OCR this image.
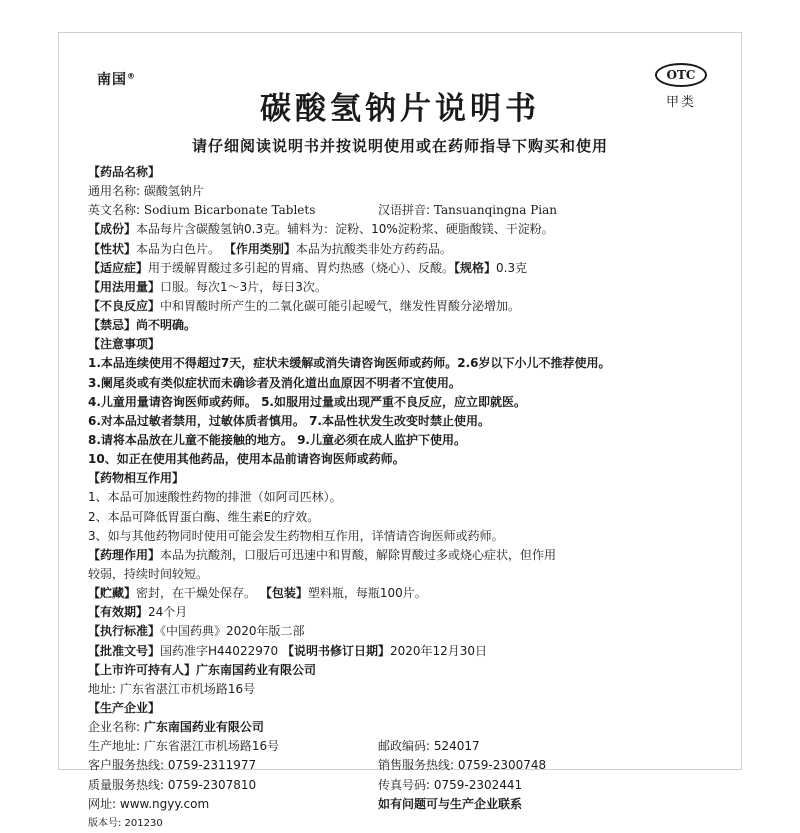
南国®	OTC
甲类
碳酸氢钠片说明书
请仔细阅读说明书并按说明使用或在药师指导下购买和使用
【药品名称】
通用名称: 碳酸氢钠片
英文名称: Sodium Bicarbonate Tablets	汉语拼音: Tansuanqingna Pian
【成份】本品每片含碳酸氢钠0.3克。辅料为：淀粉、10%淀粉浆、硬脂酸镁、干淀粉。
【性状】本品为白色片。 【作用类别】本品为抗酸类非处方药药品。
【适应症】用于缓解胃酸过多引起的胃痛、胃灼热感（烧心）、反酸。【规格】0.3克
【用法用量】口服。每次1～3片，每日3次。
【不良反应】中和胃酸时所产生的二氧化碳可能引起嗳气，继发性胃酸分泌增加。
【禁忌】尚不明确。
【注意事项】
1.本品连续使用不得超过7天，症状未缓解或消失请咨询医师或药师。2.6岁以下小儿不推荐使用。
3.阑尾炎或有类似症状而未确诊者及消化道出血原因不明者不宜使用。
4.儿童用量请咨询医师或药师。 5.如服用过量或出现严重不良反应，应立即就医。
6.对本品过敏者禁用，过敏体质者慎用。 7.本品性状发生改变时禁止使用。
8.请将本品放在儿童不能接触的地方。 9.儿童必须在成人监护下使用。
10、如正在使用其他药品，使用本品前请咨询医师或药师。
【药物相互作用】
1、本品可加速酸性药物的排泄（如阿司匹林）。
2、本品可降低胃蛋白酶、维生素E的疗效。
3、如与其他药物同时使用可能会发生药物相互作用，详情请咨询医师或药师。
【药理作用】本品为抗酸剂，口服后可迅速中和胃酸，解除胃酸过多或烧心症状，但作用
较弱，持续时间较短。
【贮藏】密封，在干燥处保存。 【包装】塑料瓶，每瓶100片。
【有效期】24个月
【执行标准】《中国药典》2020年版二部
【批准文号】国药准字H44022970 【说明书修订日期】2020年12月30日
【上市许可持有人】广东南国药业有限公司
地址: 广东省湛江市机场路16号
【生产企业】
企业名称: 广东南国药业有限公司
生产地址: 广东省湛江市机场路16号	邮政编码: 524017
客户服务热线: 0759-2311977	销售服务热线: 0759-2300748
质量服务热线: 0759-2307810	传真号码: 0759-2302441
网址: www.ngyy.com	如有问题可与生产企业联系
版本号: 201230
